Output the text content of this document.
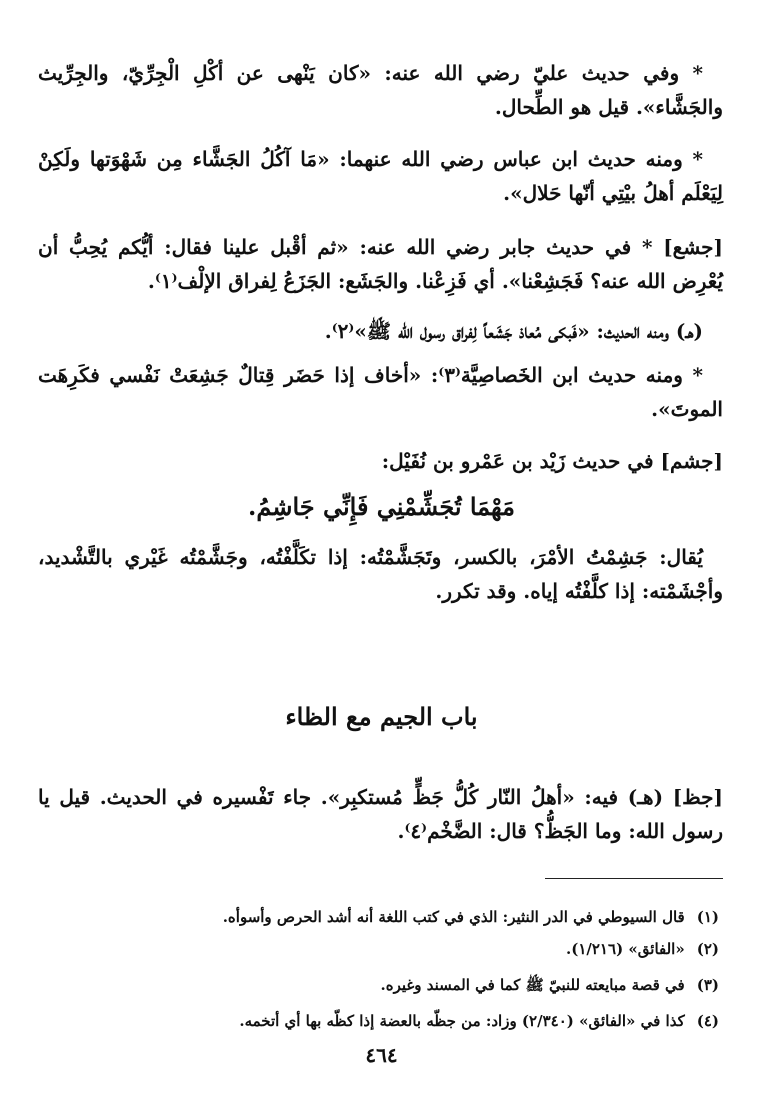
* وفي حديث عليّ رضي الله عنه: «كان يَنْهى عن أكْلِ الْجِرِّيّ، والجِرِّيث والجَشَّاء». قيل هو الطِّحال.

* ومنه حديث ابن عباس رضي الله عنهما: «مَا آكُلُ الجَشَّاء مِن شَهْوَتها ولَكِنْ لِيَعْلَم أهلُ بيْتِي أنّها حَلال».

[جشع] * في حديث جابر رضي الله عنه: «ثم أقْبل علينا فقال: أيُّكم يُحِبُّ أن يُعْرِض الله عنه؟ فَجَشِعْنا». أي فَزِعْنا. والجَشَع: الجَزَعُ لِفراق الإلْف⁽١⁾.

(هـ) ومنه الحديث: «فَبكى مُعاذ جَشَعاً لِفراق رسول الله ﷺ»⁽٢⁾.

* ومنه حديث ابن الخَصاصِيَّة⁽٣⁾: «أخاف إذا حَضَر قِتالٌ جَشِعَتْ نَفْسي فكَرِهَت الموتَ».

[جشم] في حديث زَيْد بن عَمْرو بن نُفَيْل:

مَهْمَا تُجَشِّمْنِي فَإِنِّي جَاشِمُ.

يُقال: جَشِمْتُ الأمْرَ، بالكسر، وتَجَشَّمْتُه: إذا تكَلَّفْتُه، وجَشَّمْتُه غَيْري بالتَّشْديد، وأجْشَمْته: إذا كلَّفْتُه إياه. وقد تكرر.

باب الجيم مع الظاء

[جظ] (هـ) فيه: «أهلُ النّار كُلُّ جَظٍّ مُستكبِر». جاء تَفْسيره في الحديث. قيل يا رسول الله: وما الجَظُّ؟ قال: الضَّخْم⁽٤⁾.

(١)قال السيوطي في الدر النثير: الذي في كتب اللغة أنه أشد الحرص وأسوأه.
(٢)«الفائق» (١/٢١٦).
(٣)في قصة مبايعته للنبيّ ﷺ كما في المسند وغيره.
(٤)كذا في «الفائق» (٢/٣٤٠) وزاد: من جظّه بالعضة إذا كظّه بها أي أتخمه.
٤٦٤
